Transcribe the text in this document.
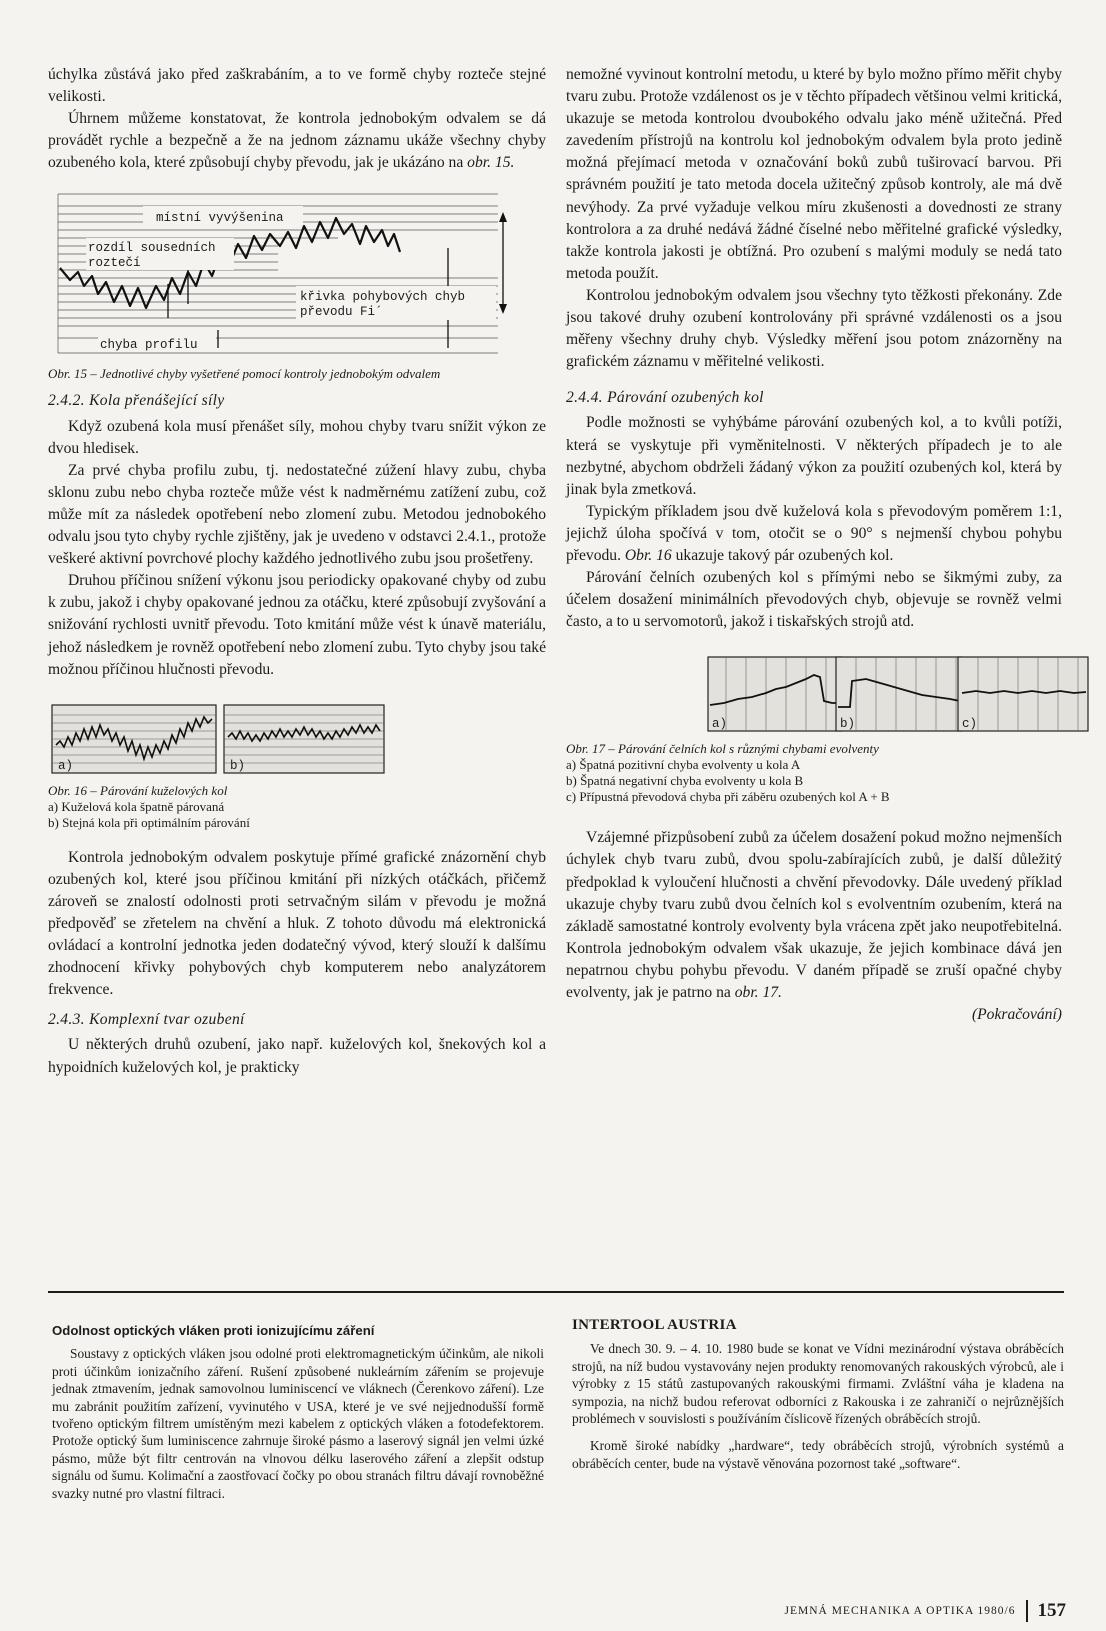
úchylka zůstává jako před zaškrabáním, a to ve formě chyby rozteče stejné velikosti.

Úhrnem můžeme konstatovat, že kontrola jednobokým odvalem se dá provádět rychle a bezpečně a že na jednom záznamu ukáže všechny chyby ozubeného kola, které způsobují chyby převodu, jak je ukázáno na obr. 15.

místní vyvýšenina
rozdíl sousedních
roztečí
křivka pohybových chyb
převodu Fi´
chyba profilu

Obr. 15 – Jednotlivé chyby vyšetřené pomocí kontroly jednobokým odvalem

2.4.2. Kola přenášející síly

Když ozubená kola musí přenášet síly, mohou chyby tvaru snížit výkon ze dvou hledisek.

Za prvé chyba profilu zubu, tj. nedostatečné zúžení hlavy zubu, chyba sklonu zubu nebo chyba rozteče může vést k nadměrnému zatížení zubu, což může mít za následek opotřebení nebo zlomení zubu. Metodou jednobokého odvalu jsou tyto chyby rychle zjištěny, jak je uvedeno v odstavci 2.4.1., protože veškeré aktivní povrchové plochy každého jednotlivého zubu jsou prošetřeny.

Druhou příčinou snížení výkonu jsou periodicky opakované chyby od zubu k zubu, jakož i chyby opakované jednou za otáčku, které způsobují zvyšování a snižování rychlosti uvnitř převodu. Toto kmitání může vést k únavě materiálu, jehož následkem je rovněž opotřebení nebo zlomení zubu. Tyto chyby jsou také možnou příčinou hlučnosti převodu.

a)	b)

Obr. 16 – Párování kuželových kol

a) Kuželová kola špatně párovaná

b) Stejná kola při optimálním párování

Kontrola jednobokým odvalem poskytuje přímé grafické znázornění chyb ozubených kol, které jsou příčinou kmitání při nízkých otáčkách, přičemž zároveň se znalostí odolnosti proti setrvačným silám v převodu je možná předpověď se zřetelem na chvění a hluk. Z tohoto důvodu má elektronická ovládací a kontrolní jednotka jeden dodatečný vývod, který slouží k dalšímu zhodnocení křivky pohybových chyb komputerem nebo analyzátorem frekvence.

2.4.3. Komplexní tvar ozubení

U některých druhů ozubení, jako např. kuželových kol, šnekových kol a hypoidních kuželových kol, je prakticky

nemožné vyvinout kontrolní metodu, u které by bylo možno přímo měřit chyby tvaru zubu. Protože vzdálenost os je v těchto případech většinou velmi kritická, ukazuje se metoda kontrolou dvoubokého odvalu jako méně užitečná. Před zavedením přístrojů na kontrolu kol jednobokým odvalem byla proto jedině možná přejímací metoda v označování boků zubů tuširovací barvou. Při správném použití je tato metoda docela užitečný způsob kontroly, ale má dvě nevýhody. Za prvé vyžaduje velkou míru zkušenosti a dovednosti ze strany kontrolora a za druhé nedává žádné číselné nebo měřitelné grafické výsledky, takže kontrola jakosti je obtížná. Pro ozubení s malými moduly se nedá tato metoda použít.

Kontrolou jednobokým odvalem jsou všechny tyto těžkosti překonány. Zde jsou takové druhy ozubení kontrolovány při správné vzdálenosti os a jsou měřeny všechny druhy chyb. Výsledky měření jsou potom znázorněny na grafickém záznamu v měřitelné velikosti.

2.4.4. Párování ozubených kol

Podle možnosti se vyhýbáme párování ozubených kol, a to kvůli potíži, která se vyskytuje při vyměnitelnosti. V některých případech je to ale nezbytné, abychom obdrželi žádaný výkon za použití ozubených kol, která by jinak byla zmetková.

Typickým příkladem jsou dvě kuželová kola s převodovým poměrem 1:1, jejichž úloha spočívá v tom, otočit se o 90° s nejmenší chybou pohybu převodu. Obr. 16 ukazuje takový pár ozubených kol.

Párování čelních ozubených kol s přímými nebo se šikmými zuby, za účelem dosažení minimálních převodových chyb, objevuje se rovněž velmi často, a to u servomotorů, jakož i tiskařských strojů atd.

a)	b)	c)

Obr. 17 – Párování čelních kol s různými chybami evolventy

a) Špatná pozitivní chyba evolventy u kola A

b) Špatná negativní chyba evolventy u kola B

c) Přípustná převodová chyba při záběru ozubených kol A + B

Vzájemné přizpůsobení zubů za účelem dosažení pokud možno nejmenších úchylek chyb tvaru zubů, dvou spolu-zabírajících zubů, je další důležitý předpoklad k vyloučení hlučnosti a chvění převodovky. Dále uvedený příklad ukazuje chyby tvaru zubů dvou čelních kol s evolventním ozubením, která na základě samostatné kontroly evolventy byla vrácena zpět jako neupotřebitelná. Kontrola jednobokým odvalem však ukazuje, že jejich kombinace dává jen nepatrnou chybu pohybu převodu. V daném případě se zruší opačné chyby evolventy, jak je patrno na obr. 17.

(Pokračování)

Odolnost optických vláken proti ionizujícímu záření

Soustavy z optických vláken jsou odolné proti elektromagnetickým účinkům, ale nikoli proti účinkům ionizačního záření. Rušení způsobené nukleárním zářením se projevuje jednak ztmavením, jednak samovolnou luminiscencí ve vláknech (Čerenkovo záření). Lze mu zabránit použitím zařízení, vyvinutého v USA, které je ve své nejjednodušší formě tvořeno optickým filtrem umístěným mezi kabelem z optických vláken a fotodefektorem. Protože optický šum luminiscence zahrnuje široké pásmo a laserový signál jen velmi úzké pásmo, může být filtr centrován na vlnovou délku laserového záření a zlepšit odstup signálu od šumu. Kolimační a zaostřovací čočky po obou stranách filtru dávají rovnoběžné svazky nutné pro vlastní filtraci.

INTERTOOL AUSTRIA

Ve dnech 30. 9. – 4. 10. 1980 bude se konat ve Vídni mezinárodní výstava obráběcích strojů, na níž budou vystavovány nejen produkty renomovaných rakouských výrobců, ale i výrobky z 15 států zastupovaných rakouskými firmami. Zvláštní váha je kladena na sympozia, na nichž budou referovat odborníci z Rakouska i ze zahraničí o nejrůznějších problémech v souvislosti s používáním číslicově řízených obráběcích strojů.

Kromě široké nabídky „hardware“, tedy obráběcích strojů, výrobních systémů a obráběcích center, bude na výstavě věnována pozornost také „software“.

JEMNÁ MECHANIKA A OPTIKA 1980/6 157
